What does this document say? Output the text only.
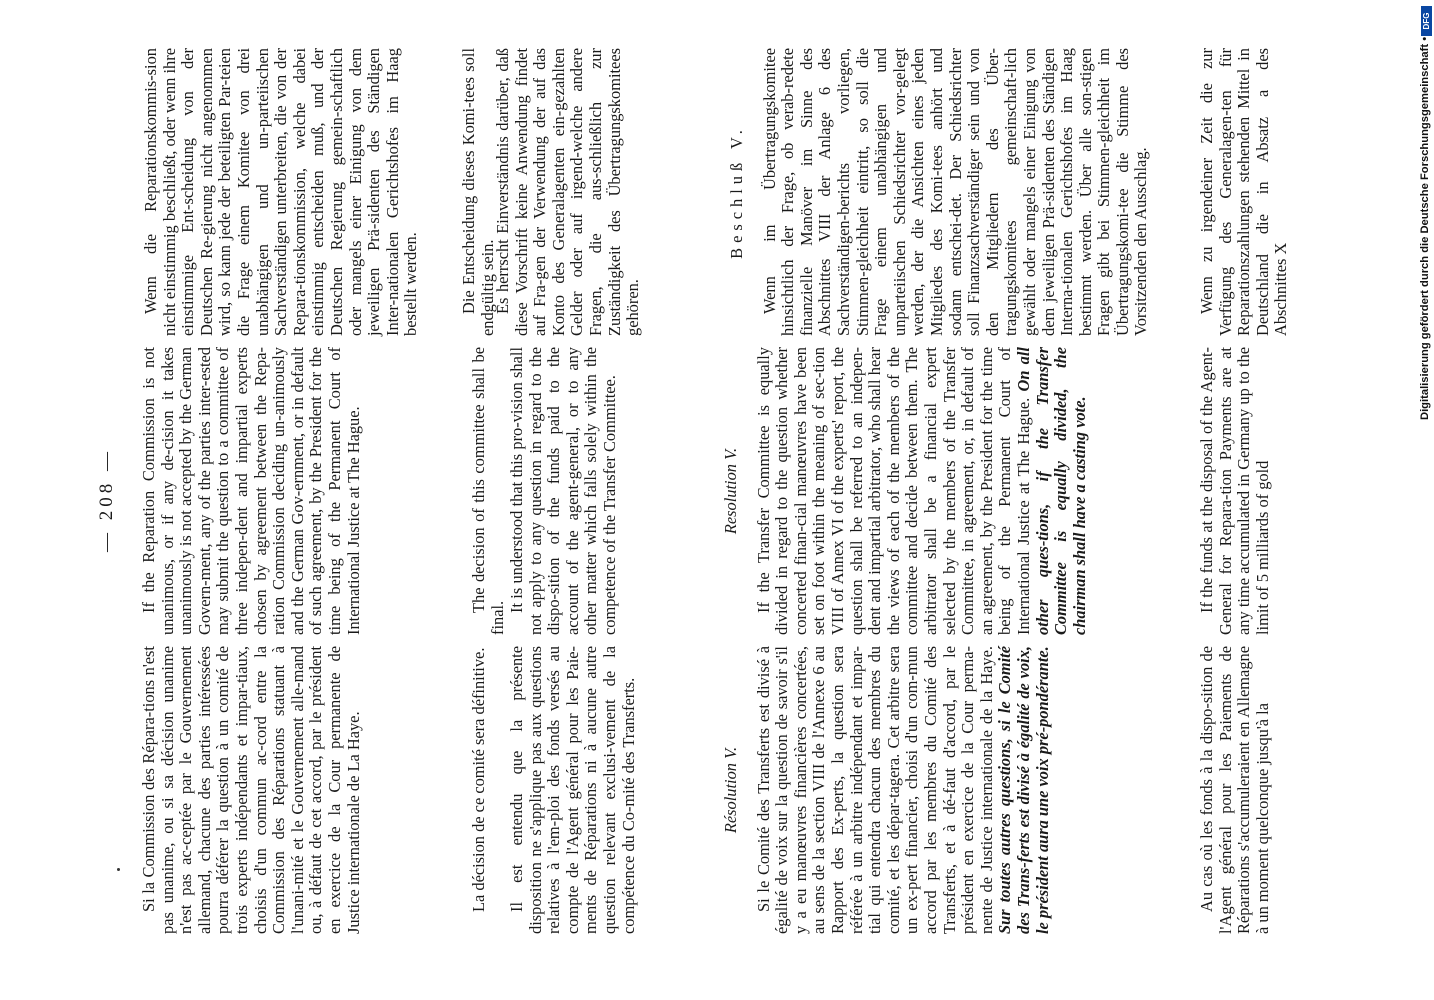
— 208 —

Si la Commission des Répara-tions n'est pas unanime, ou si sa décision unanime n'est pas ac-ceptée par le Gouvernement allemand, chacune des parties intéressées pourra déférer la question à un comité de trois experts indépendants et impar-tiaux, choisis d'un commun ac-cord entre la Commission des Réparations statuant à l'unani-mité et le Gouvernement alle-mand ou, à défaut de cet accord, par le président en exercice de la Cour permanente de Justice internationale de La Haye.	La décision de ce comité sera définitive. Il est entendu que la présente disposition ne s'applique pas aux questions relatives à l'em-ploi des fonds versés au compte de l'Agent général pour les Paie-ments de Réparations ni à aucune autre question relevant exclusi-vement de la compétence du Co-mité des Transferts.	Résolution V. Si le Comité des Transferts est divisé à égalité de voix sur la question de savoir s'il y a eu manœuvres financières concertées, au sens de la section VIII de l'Annexe 6 au Rapport des Ex-perts, la question sera référée à un arbitre indépendant et impar-tial qui entendra chacun des membres du comité, et les dépar-tagera. Cet arbitre sera un ex-pert financier, choisi d'un com-mun accord par les membres du Comité des Transferts, et à dé-faut d'accord, par le président en exercice de la Cour perma-nente de Justice internationale de la Haye. Sur toutes autres questions, si le Comité des Trans-ferts est divisé à égalité de voix, le président aura une voix pré-pondérante.	Au cas où les fonds à la dispo-sition de l'Agent général pour les Paiements de Réparations s'accumuleraient en Allemagne à un moment quelconque jusqu'à la

If the Reparation Commission is not unanimous, or if any de-cision it takes unanimously is not accepted by the German Govern-ment, any of the parties inter-ested may submit the question to a committee of three indepen-dent and impartial experts chosen by agreement between the Repa-ration Commission deciding un-animously and the German Gov-ernment, or in default of such agreement, by the President for the time being of the Permanent Court of International Justice at The Hague.	The decision of this committee shall be final.

It is understood that this pro-vision shall not apply to any question in regard to the dispo-sition of the funds paid to the account of the agent-general, or to any other matter which falls solely within the competence of the Transfer Committee.	Resolution V. If the Transfer Committee is equally divided in regard to the question whether concerted finan-cial manœuvres have been set on foot within the meaning of sec-tion VIII of Annex VI of the experts' report, the question shall be referred to an indepen-dent and impartial arbitrator, who shall hear the views of each of the members of the committee and decide between them. The arbitrator shall be a financial expert selected by the members of the Transfer Committee, in agreement, or, in default of an agreement, by the President for the time being of the Permanent Court of International Justice at The Hague. On all other ques-tions, if the Transfer Committee is equally divided, the chairman shall have a casting vote.	If the funds at the disposal of the Agent-General for Repara-tion Payments are at any time accumulated in Germany up to the limit of 5 milliards of gold

Wenn die Reparationskommis-sion nicht einstimmig beschließt, oder wenn ihre einstimmige Ent-scheidung von der Deutschen Re-gierung nicht angenommen wird, so kann jede der beteiligten Par-teien die Frage einem Komitee von drei unabhängigen und un-parteiischen Sachverständigen unterbreiten, die von der Repara-tionskommission, welche dabei einstimmig entscheiden muß, und der Deutschen Regierung gemein-schaftlich oder mangels einer Einigung von dem jeweiligen Prä-sidenten des Ständigen Inter-nationalen Gerichtshofes im Haag bestellt werden. Die Entscheidung dieses Komi-tees soll endgültig sein.

Es herrscht Einverständnis darüber, daß diese Vorschrift keine Anwendung findet auf Fra-gen der Verwendung der auf das Konto des Generalagenten ein-gezahlten Gelder oder auf irgend-welche andere Fragen, die aus-schließlich zur Zuständigkeit des Übertragungskomitees gehören.

Beschluß V. Wenn im Übertragungskomitee hinsichtlich der Frage, ob verab-redete finanzielle Manöver im Sinne des Abschnittes VIII der Anlage 6 des Sachverständigen-berichts vorliegen, Stimmen-gleichheit eintritt, so soll die Frage einem unabhängigen und unparteiischen Schiedsrichter vor-gelegt werden, der die Ansichten eines jeden Mitgliedes des Komi-tees anhört und sodann entschei-det. Der Schiedsrichter soll Finanzsachverständiger sein und von den Mitgliedern des Über-tragungskomitees gemeinschaft-lich gewählt oder mangels einer Einigung von dem jeweiligen Prä-sidenten des Ständigen Interna-tionalen Gerichtshofes im Haag bestimmt werden. Über alle son-stigen Fragen gibt bei Stimmen-gleichheit im Übertragungskomi-tee die Stimme des Vorsitzenden den Ausschlag.	Wenn zu irgendeiner Zeit die zur Verfügung des Generalagen-ten für Reparationszahlungen stehenden Mittel in Deutschland die in Absatz a des Abschnittes X	Digitalisierung gefördert durch die Deutsche Forschungsgemeinschaft •
DFG
